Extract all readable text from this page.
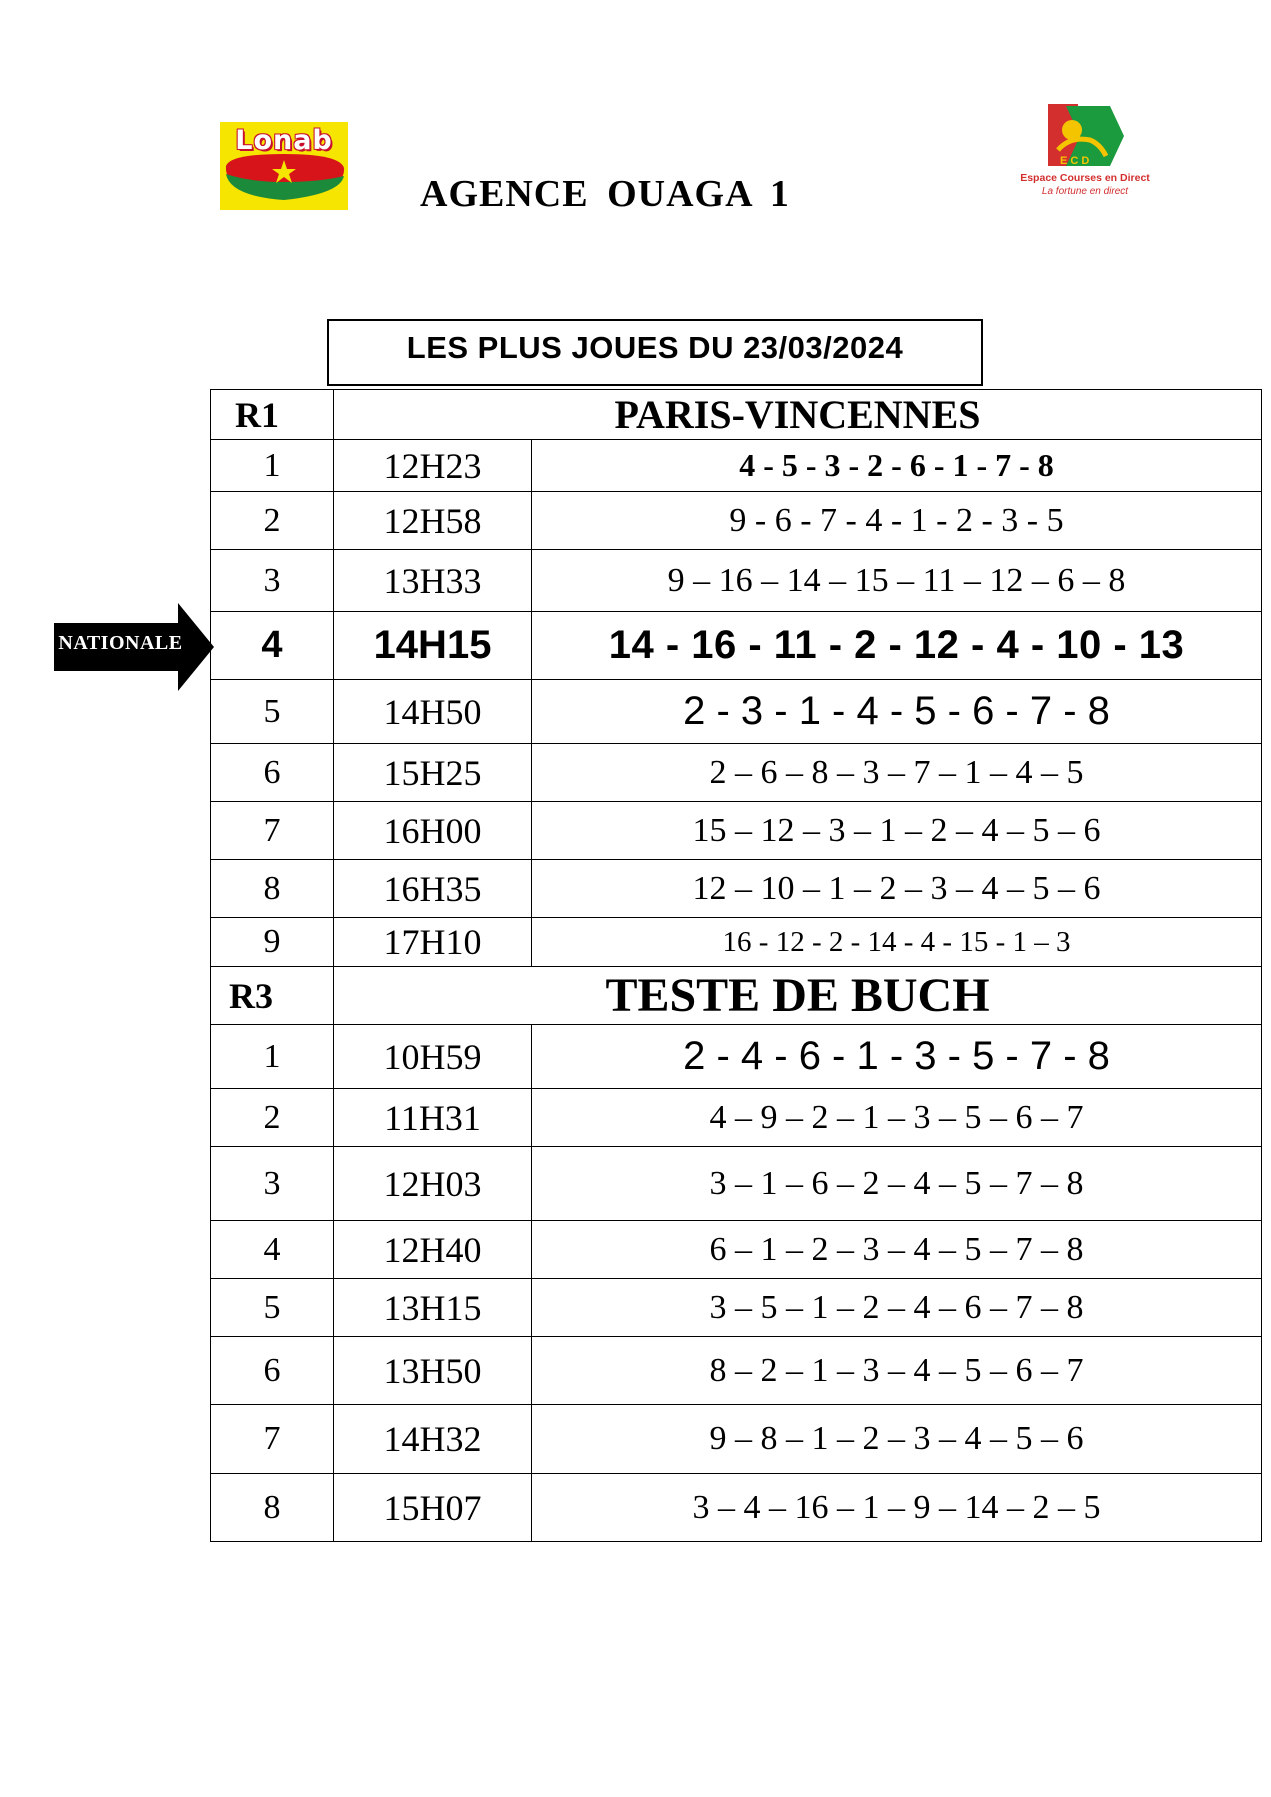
Lonab
E C D
Espace Courses en Direct
La fortune en direct
AGENCE OUAGA 1
LES PLUS JOUES DU 23/03/2024
NATIONALE
R1	PARIS-VINCENNES	
1	12H23	4 - 5 - 3 - 2 - 6 - 1 - 7 - 8
2	12H58	9 - 6 - 7 - 4 - 1 - 2 - 3 - 5
3	13H33	9 – 16 – 14 – 15 – 11 – 12 – 6 – 8
4	14H15	14 - 16 - 11 - 2 - 12 - 4 - 10 - 13
5	14H50	2 - 3 - 1 - 4 - 5 - 6 - 7 - 8
6	15H25	2 – 6 – 8 – 3 – 7 – 1 – 4 – 5
7	16H00	15 – 12 – 3 – 1 – 2 – 4 – 5 – 6
8	16H35	12 – 10 – 1 – 2 – 3 – 4 – 5 – 6
9	17H10	16 - 12 - 2 - 14 - 4 - 15 - 1 – 3
R3	TESTE DE BUCH	
1	10H59	2 - 4 - 6 - 1 - 3 - 5 - 7 - 8
2	11H31	4 – 9 – 2 – 1 – 3 – 5 – 6 – 7
3	12H03	3 – 1 – 6 – 2 – 4 – 5 – 7 – 8
4	12H40	6 – 1 – 2 – 3 – 4 – 5 – 7 – 8
5	13H15	3 – 5 – 1 – 2 – 4 – 6 – 7 – 8
6	13H50	8 – 2 – 1 – 3 – 4 – 5 – 6 – 7
7	14H32	9 – 8 – 1 – 2 – 3 – 4 – 5 – 6
8	15H07	3 – 4 – 16 – 1 – 9 – 14 – 2 – 5
